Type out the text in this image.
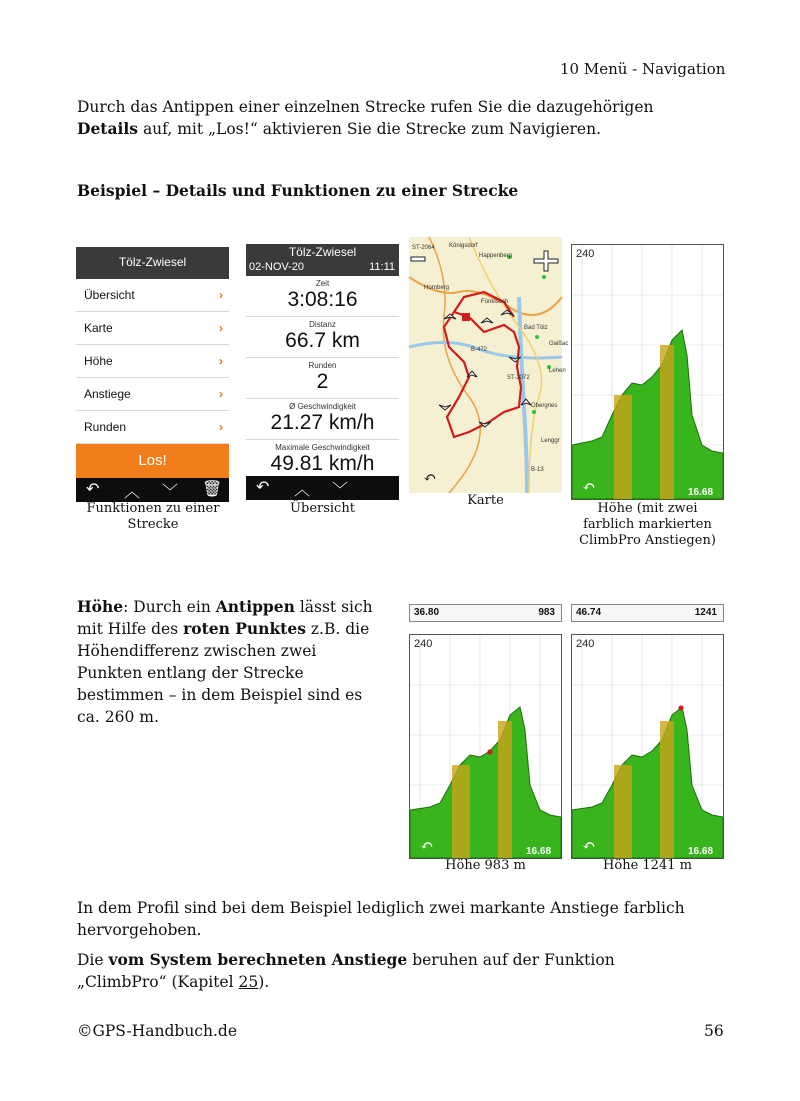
10 Menü - Navigation
Durch das Antippen einer einzelnen Strecke rufen Sie die dazugehörigen
Details auf, mit „Los!“ aktivieren Sie die Strecke zum Navigieren.
Beispiel – Details und Funktionen zu einer Strecke
Tölz-Zwiesel
Übersicht	›
Karte	›
Höhe	›
Anstiege	›
Runden	›
Los!
↶ ︿ ﹀ 🗑
Funktionen zu einer
Strecke
Tölz-Zwiesel
02-NOV-20	11:11
Zeit
3:08:16
Distanz
66.7 km
Runden
2
Ø Geschwindigkeit
21.27 km/h
Maximale Geschwindigkeit
49.81 km/h
↶ ︿ ﹀
Übersicht
ST-2064 Königsdorf
Happenberg
Hornberg
Bad Tölz
Gaißac
Lehen
Obergries
Lenggr
B-13
ST-2072
B-472
Fünklsoch
↶
Karte
240
16.68
↶
Höhe (mit zwei
farblich markierten
ClimbPro Anstiegen)
Höhe: Durch ein Antippen lässt sich
mit Hilfe des roten Punktes z.B. die
Höhendifferenz zwischen zwei
Punkten entlang der Strecke
bestimmen – in dem Beispiel sind es
ca. 260 m.
36.80	983
240
16.68
↶
Höhe 983 m
46.74	1241
240
16.68
↶
Höhe 1241 m
In dem Profil sind bei dem Beispiel lediglich zwei markante Anstiege farblich
hervorgehoben.
Die vom System berechneten Anstiege beruhen auf der Funktion
„ClimbPro“ (Kapitel 25).
©GPS-Handbuch.de	56
